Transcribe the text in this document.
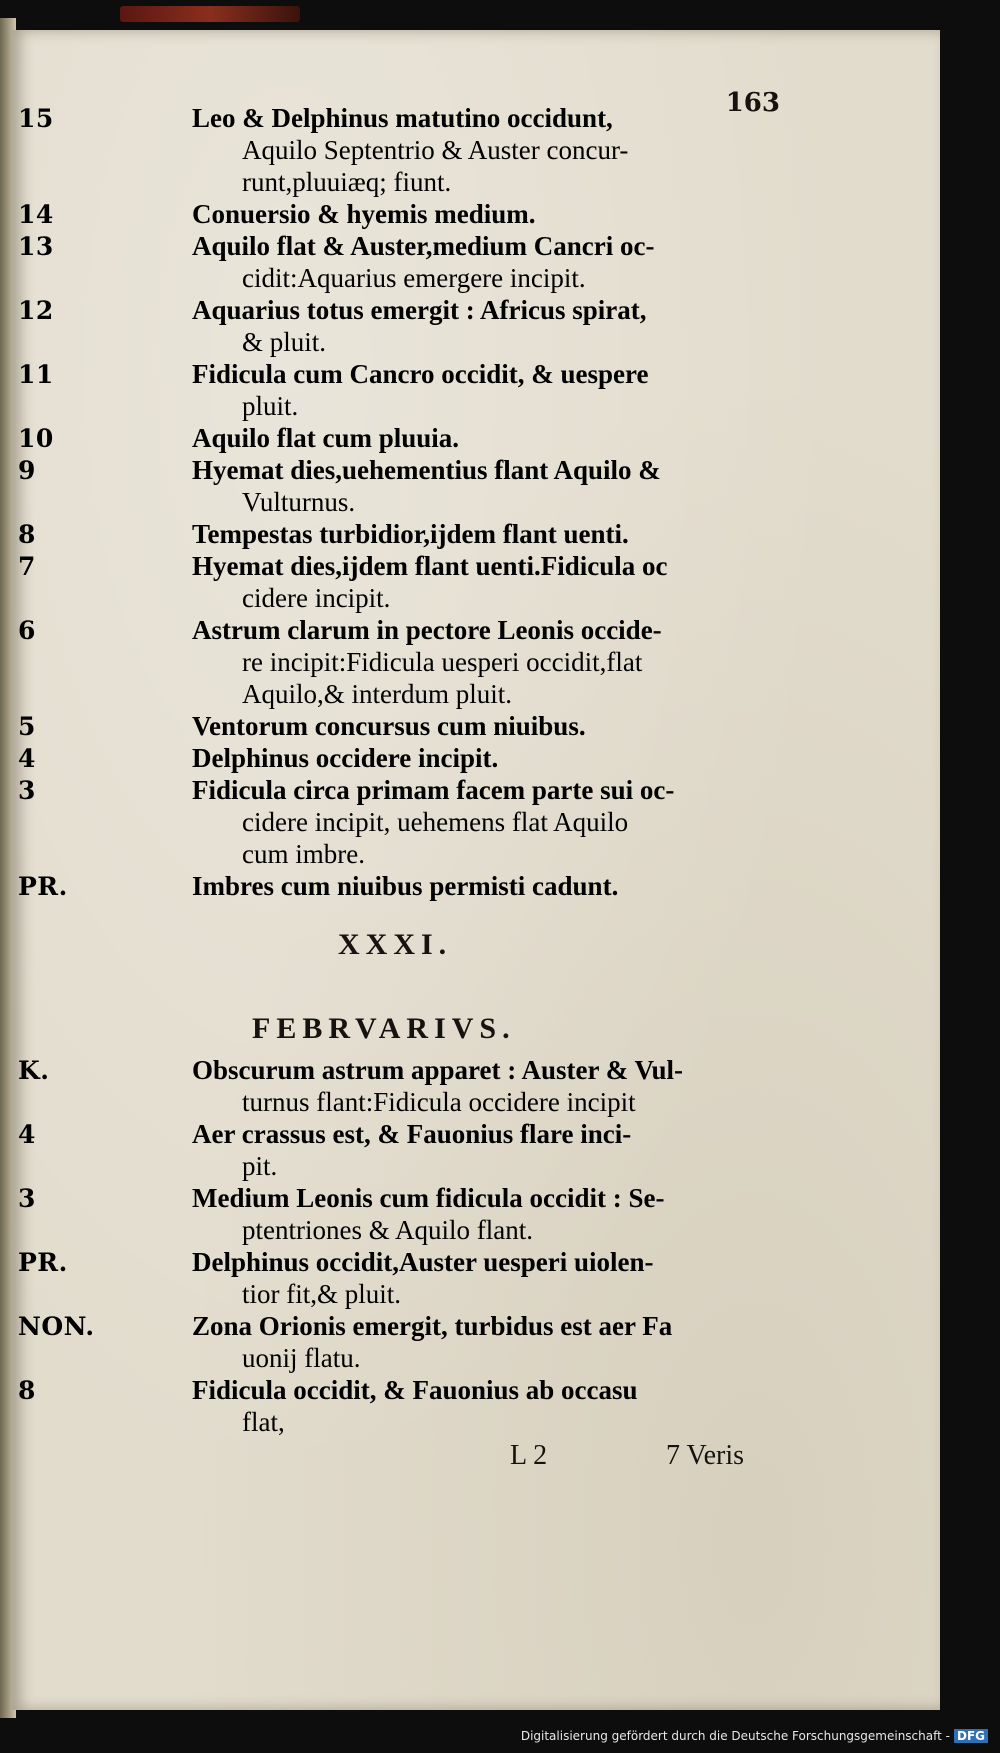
163
15	Leo & Delphinus matutino occidunt,
Aquilo Septentrio & Auster concur-
runt,pluuiæq; fiunt.
14	Conuersio & hyemis medium.
13	Aquilo flat & Auster,medium Cancri oc-
cidit:Aquarius emergere incipit.
12	Aquarius totus emergit : Africus spirat,
& pluit.
11	Fidicula cum Cancro occidit, & uespere
pluit.
10	Aquilo flat cum pluuia.
9	Hyemat dies,uehementius flant Aquilo &
Vulturnus.
8	Tempestas turbidior,ijdem flant uenti.
7	Hyemat dies,ijdem flant uenti.Fidicula oc
cidere incipit.
6	Astrum clarum in pectore Leonis occide-
re incipit:Fidicula uesperi occidit,flat
Aquilo,& interdum pluit.
5	Ventorum concursus cum niuibus.
4	Delphinus occidere incipit.
3	Fidicula circa primam facem parte sui oc-
cidere incipit, uehemens flat Aquilo
cum imbre.
PR.	Imbres cum niuibus permisti cadunt.
XXXI.
FEBRVARIVS.
K.	Obscurum astrum apparet : Auster & Vul-
turnus flant:Fidicula occidere incipit
4	Aer crassus est, & Fauonius flare inci-
pit.
3	Medium Leonis cum fidicula occidit : Se-
ptentriones & Aquilo flant.
PR.	Delphinus occidit,Auster uesperi uiolen-
tior fit,& pluit.
NON.	Zona Orionis emergit, turbidus est aer Fa
uonij flatu.
8	Fidicula occidit, & Fauonius ab occasu
flat,
L 2	7 Veris
Digitalisierung gefördert durch die Deutsche Forschungsgemeinschaft - DFG
